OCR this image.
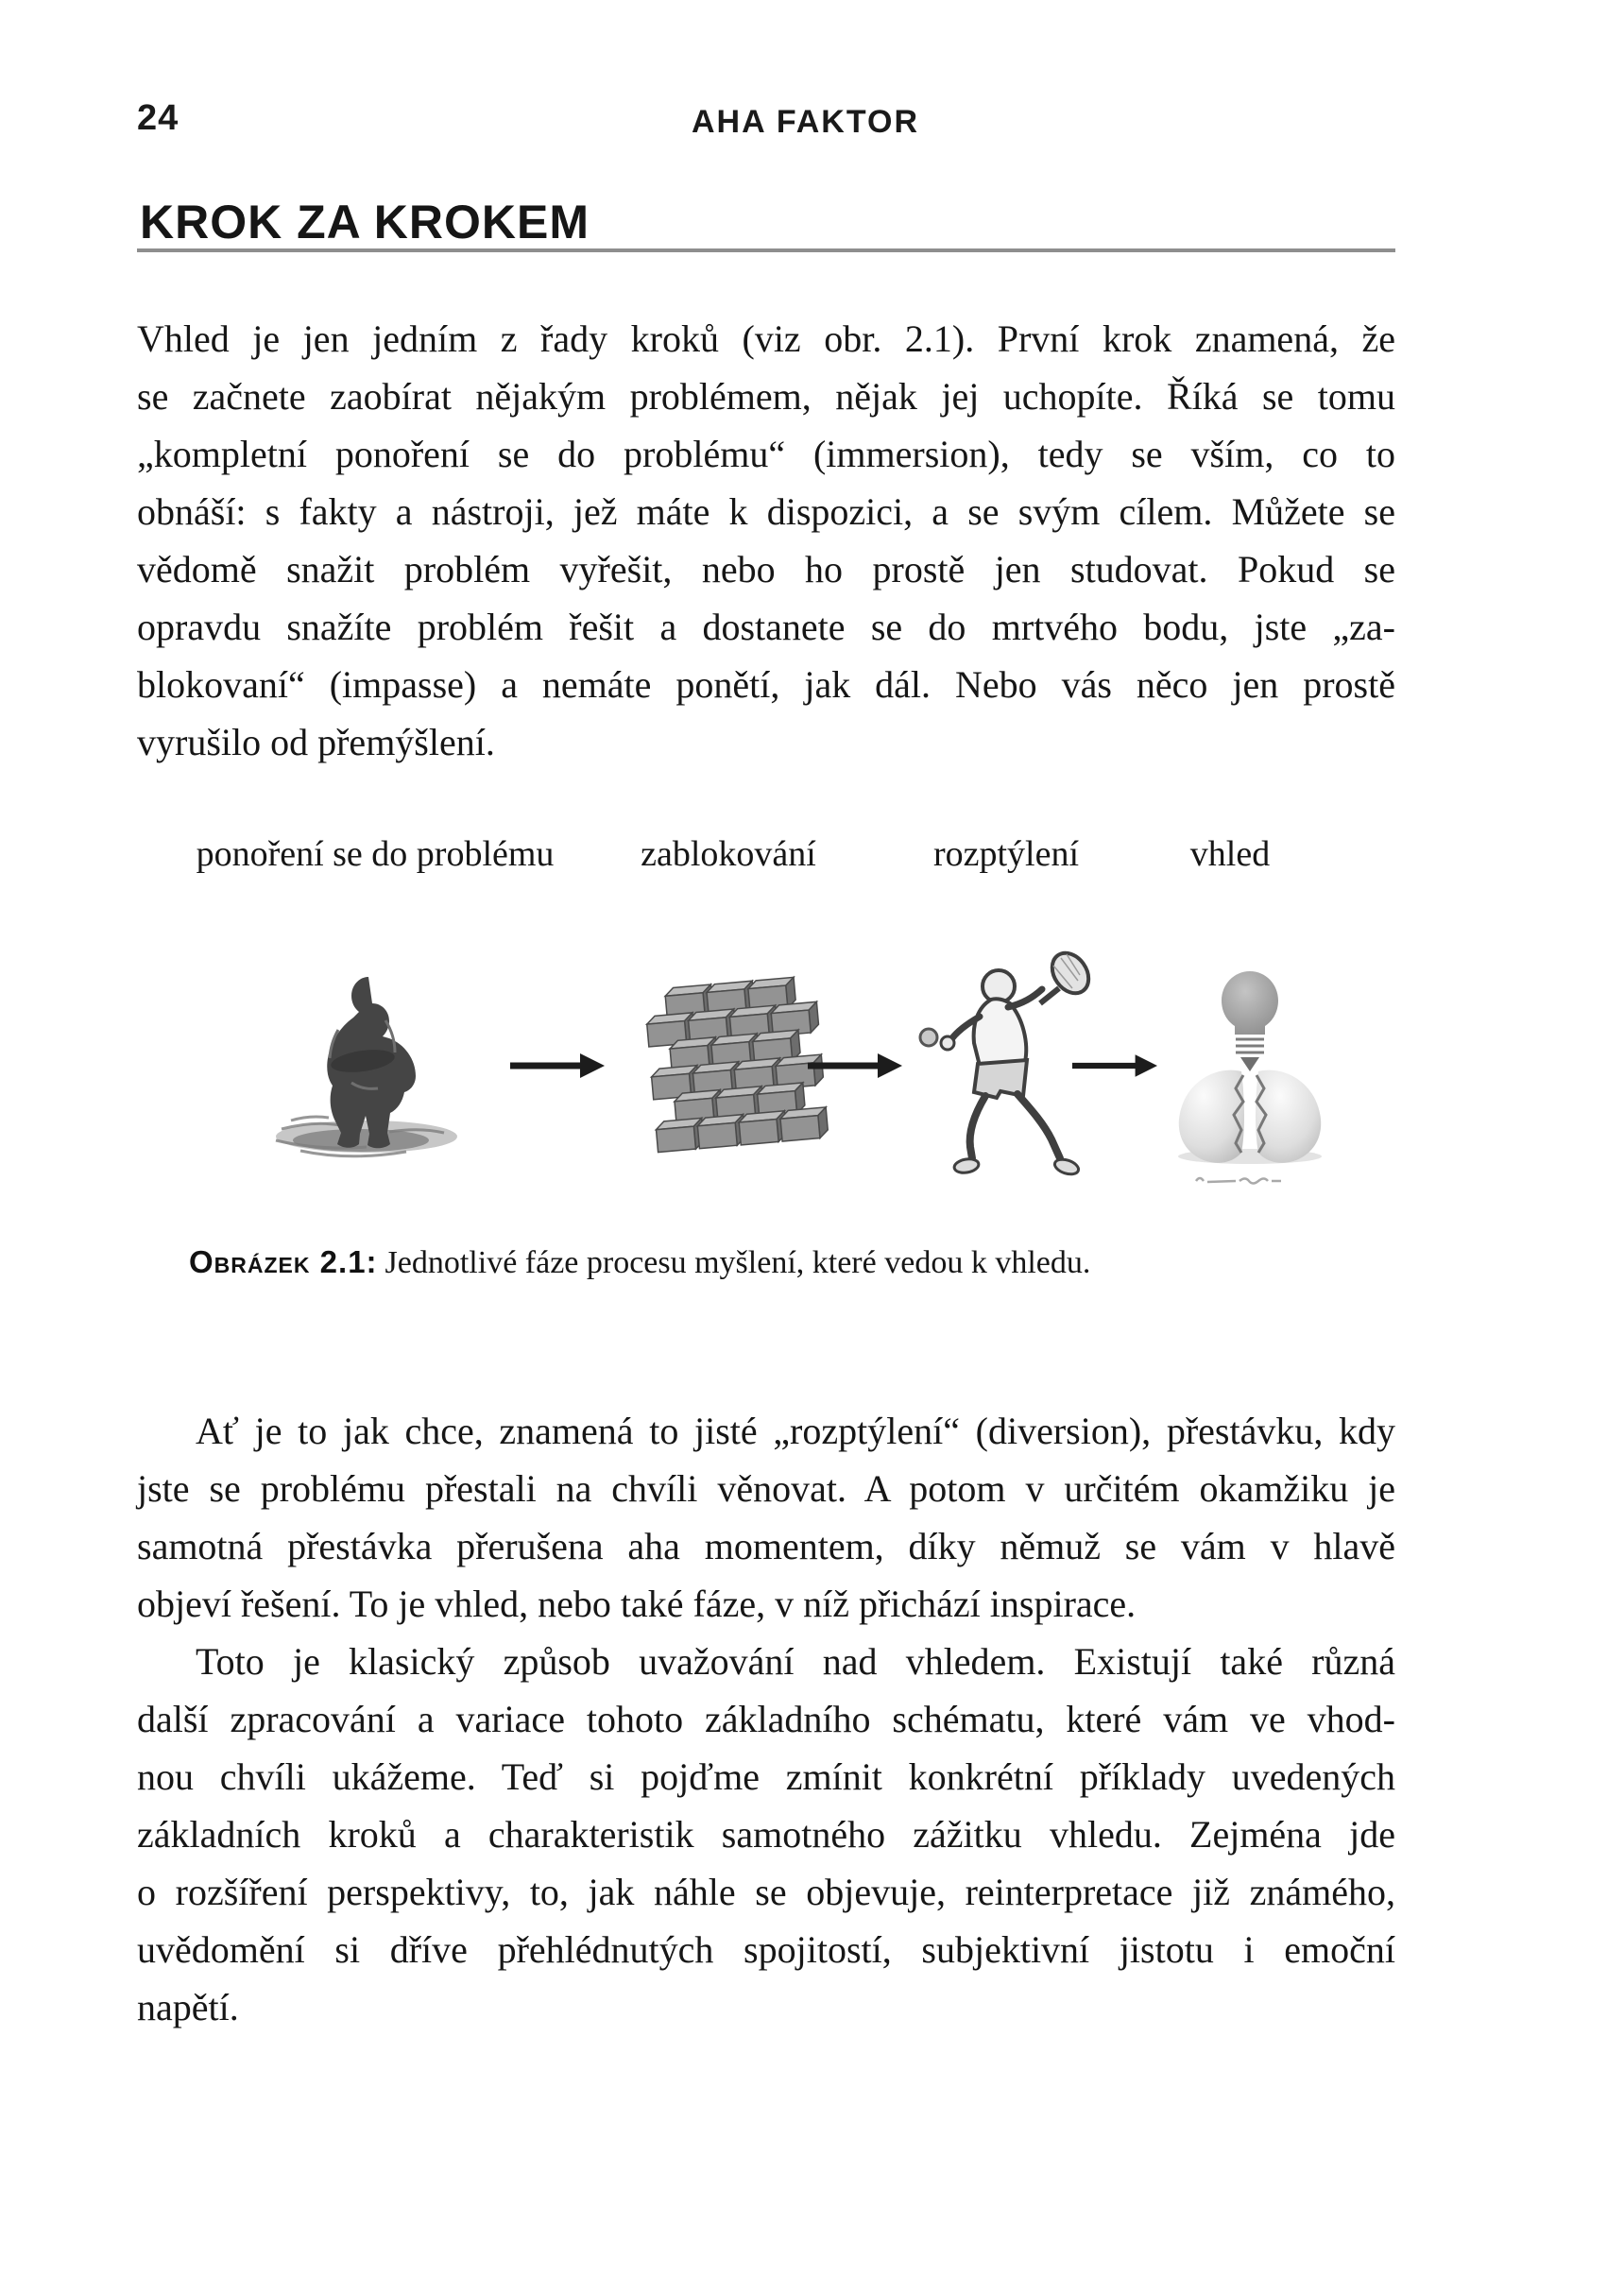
24	AHA FAKTOR
KROK ZA KROKEM
Vhled je jen jedním z řady kroků (viz obr. 2.1). První krok znamená, že
se začnete zaobírat nějakým problémem, nějak jej uchopíte. Říká se tomu
„kompletní ponoření se do problému“ (immersion), tedy se vším, co to
obnáší: s fakty a nástroji, jež máte k dispozici, a se svým cílem. Můžete se
vědomě snažit problém vyřešit, nebo ho prostě jen studovat. Pokud se
opravdu snažíte problém řešit a dostanete se do mrtvého bodu, jste „za-
blokovaní“ (impasse) a nemáte ponětí, jak dál. Nebo vás něco jen prostě
vyrušilo od přemýšlení.
ponoření se do problému zablokování	rozptýlení	vhled
Obrázek 2.1: Jednotlivé fáze procesu myšlení, které vedou k vhledu.
Ať je to jak chce, znamená to jisté „rozptýlení“ (diversion), přestávku, kdy
jste se problému přestali na chvíli věnovat. A potom v určitém okamžiku je
samotná přestávka přerušena aha momentem, díky němuž se vám v hlavě
objeví řešení. To je vhled, nebo také fáze, v níž přichází inspirace.
Toto je klasický způsob uvažování nad vhledem. Existují také různá
další zpracování a variace tohoto základního schématu, které vám ve vhod-
nou chvíli ukážeme. Teď si pojďme zmínit konkrétní příklady uvedených
základních kroků a charakteristik samotného zážitku vhledu. Zejména jde
o rozšíření perspektivy, to, jak náhle se objevuje, reinterpretace již známého,
uvědomění si dříve přehlédnutých spojitostí, subjektivní jistotu i emoční
napětí.
